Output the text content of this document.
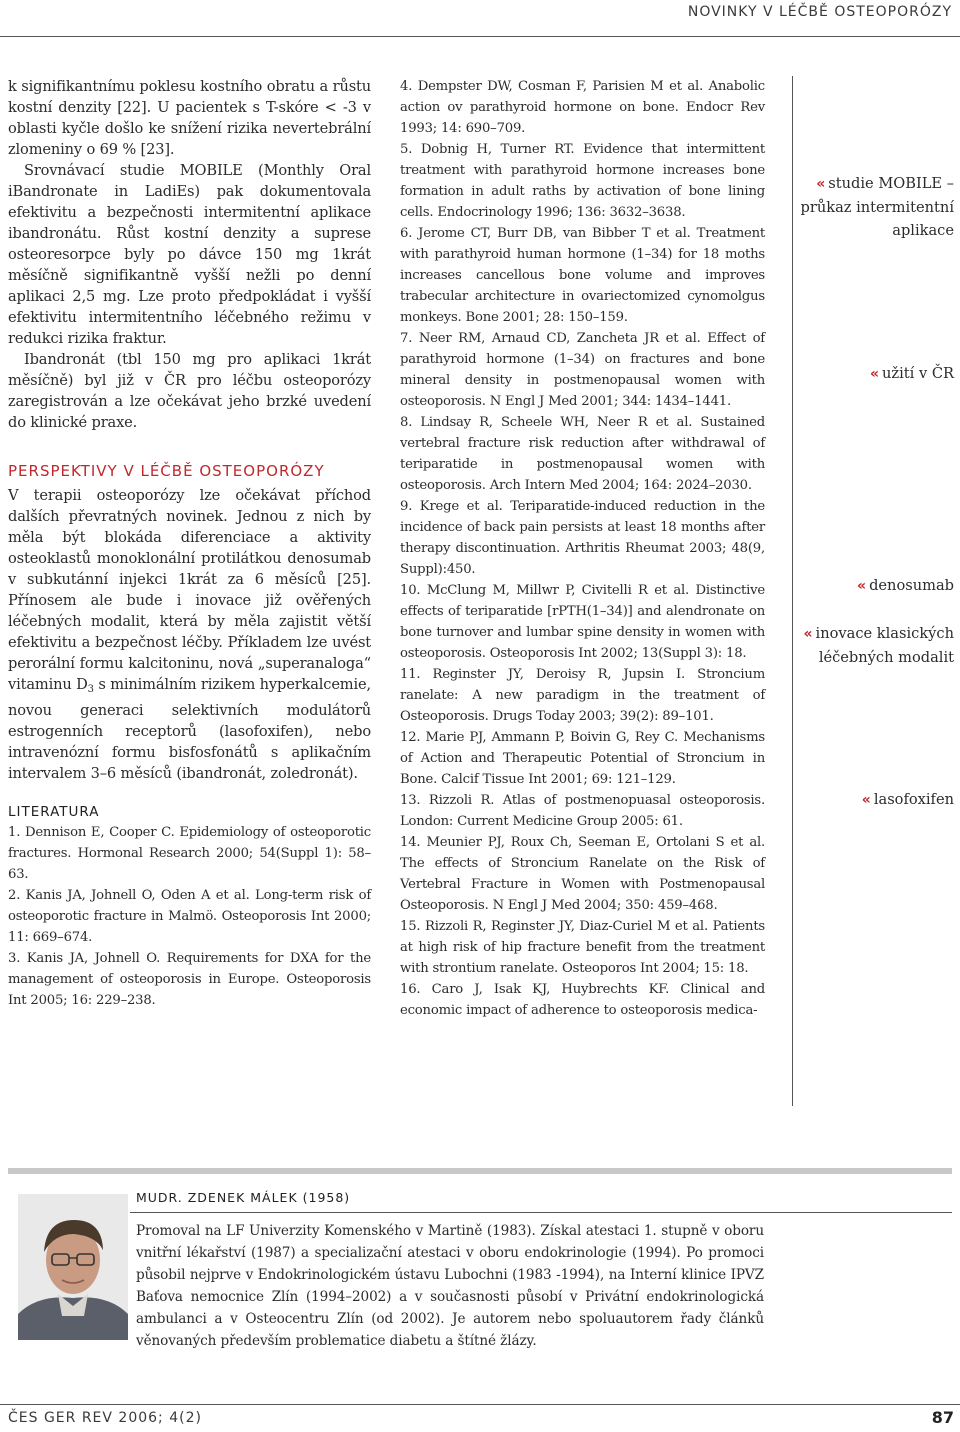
NOVINKY V LÉČBĚ OSTEOPORÓZY

k signifikantnímu poklesu kostního obratu a růstu kostní denzity [22]. U pacientek s T-skóre < -3 v oblasti kyčle došlo ke snížení rizika nevertebrální zlomeniny o 69 % [23].

Srovnávací studie MOBILE (Monthly Oral iBandronate in LadiEs) pak dokumentovala efektivitu a bezpečnosti intermitentní aplikace ibandronátu. Růst kostní denzity a suprese osteoresorpce byly po dávce 150 mg 1krát měsíčně signifikantně vyšší nežli po denní aplikaci 2,5 mg. Lze proto předpokládat i vyšší efektivitu intermitentního léčebného režimu v redukci rizika fraktur.

Ibandronát (tbl 150 mg pro aplikaci 1krát měsíčně) byl již v ČR pro léčbu osteoporózy zaregistrován a lze očekávat jeho brzké uvedení do klinické praxe.

PERSPEKTIVY V LÉČBĚ OSTEOPORÓZY

V terapii osteoporózy lze očekávat příchod dalších převratných novinek. Jednou z nich by měla být blokáda diferenciace a aktivity osteoklastů monoklonální protilátkou denosumab v subkutánní injekci 1krát za 6 měsíců [25]. Přínosem ale bude i inovace již ověřených léčebných modalit, která by měla zajistit větší efektivitu a bezpečnost léčby. Příkladem lze uvést perorální formu kalcitoninu, nová „superanaloga“ vitaminu $D_3$ s minimálním rizikem hyperkalcemie, novou generaci selektivních modulátorů estrogenních receptorů (lasofoxifen), nebo intravenózní formu bisfosfonátů s aplikačním intervalem 3–6 měsíců (ibandronát, zoledronát).

LITERATURA

1. Dennison E, Cooper C. Epidemiology of osteoporotic fractures. Hormonal Research 2000; 54(Suppl 1): 58–63.

2. Kanis JA, Johnell O, Oden A et al. Long-term risk of osteoporotic fracture in Malmö. Osteoporosis Int 2000; 11: 669–674.

3. Kanis JA, Johnell O. Requirements for DXA for the management of osteoporosis in Europe. Osteoporosis Int 2005; 16: 229–238.

4. Dempster DW, Cosman F, Parisien M et al. Anabolic action ov parathyroid hormone on bone. Endocr Rev 1993; 14: 690–709.

5. Dobnig H, Turner RT. Evidence that intermittent treatment with parathyroid hormone increases bone formation in adult raths by activation of bone lining cells. Endocrinology 1996; 136: 3632–3638.

6. Jerome CT, Burr DB, van Bibber T et al. Treatment with parathyroid human hormone (1–34) for 18 moths increases cancellous bone volume and improves trabecular architecture in ovariectomized cynomolgus monkeys. Bone 2001; 28: 150–159.

7. Neer RM, Arnaud CD, Zancheta JR et al. Effect of parathyroid hormone (1–34) on fractures and bone mineral density in postmenopausal women with osteoporosis. N Engl J Med 2001; 344: 1434–1441.

8. Lindsay R, Scheele WH, Neer R et al. Sustained vertebral fracture risk reduction after withdrawal of teriparatide in postmenopausal women with osteoporosis. Arch Intern Med 2004; 164: 2024–2030.

9. Krege et al. Teriparatide-induced reduction in the incidence of back pain persists at least 18 months after therapy discontinuation. Arthritis Rheumat 2003; 48(9, Suppl):450.

10. McClung M, Millwr P, Civitelli R et al. Distinctive effects of teriparatide [rPTH(1–34)] and alendronate on bone turnover and lumbar spine density in women with osteoporosis. Osteoporosis Int 2002; 13(Suppl 3): 18.

11. Reginster JY, Deroisy R, Jupsin I. Stroncium ranelate: A new paradigm in the treatment of Osteoporosis. Drugs Today 2003; 39(2): 89–101.

12. Marie PJ, Ammann P, Boivin G, Rey C. Mechanisms of Action and Therapeutic Potential of Stroncium in Bone. Calcif Tissue Int 2001; 69: 121–129.

13. Rizzoli R. Atlas of postmenopuasal osteoporosis. London: Current Medicine Group 2005: 61.

14. Meunier PJ, Roux Ch, Seeman E, Ortolani S et al. The effects of Stroncium Ranelate on the Risk of Vertebral Fracture in Women with Postmenopausal Osteoporosis. N Engl J Med 2004; 350: 459–468.

15. Rizzoli R, Reginster JY, Diaz-Curiel M et al. Patients at high risk of hip fracture benefit from the treatment with strontium ranelate. Osteoporos Int 2004; 15: 18.

16. Caro J, Isak KJ, Huybrechts KF. Clinical and economic impact of adherence to osteoporosis medica-

« studie MOBILE – průkaz intermitentní aplikace
« užití v ČR
« denosumab
« inovace klasických léčebných modalit
« lasofoxifen
MUDR. ZDENEK MÁLEK (1958)

Promoval na LF Univerzity Komenského v Martině (1983). Získal atestaci 1. stupně v oboru vnitřní lékařství (1987) a specializační atestaci v oboru endokrinologie (1994). Po promoci působil nejprve v Endokrinologickém ústavu Lubochni (1983 -1994), na Interní klinice IPVZ Baťova nemocnice Zlín (1994–2002) a v současnosti působí v Privátní endokrinologická ambulanci a v Osteocentru Zlín (od 2002). Je autorem nebo spoluautorem řady článků věnovaných především problematice diabetu a štítné žlázy.

ČES GER REV 2006; 4(2)	87
